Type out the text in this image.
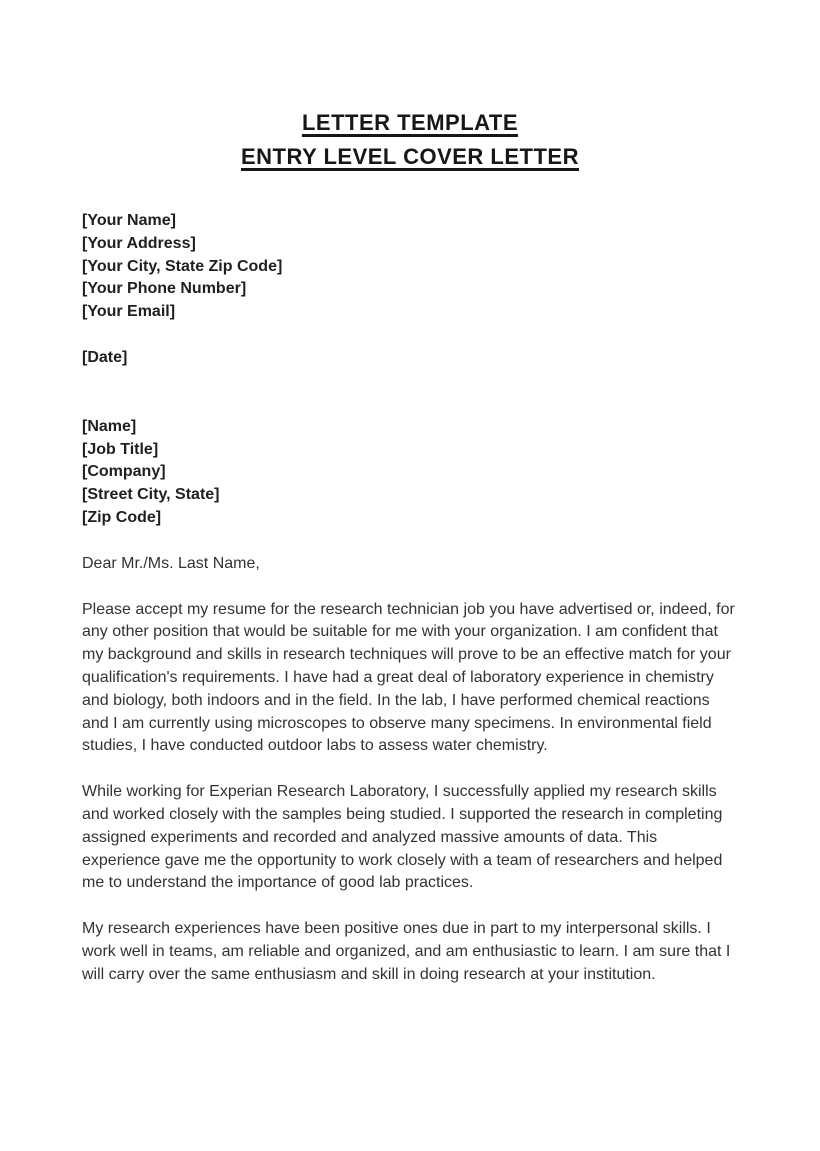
LETTER TEMPLATE
ENTRY LEVEL COVER LETTER

[Your Name]

[Your Address]

[Your City, State Zip Code]

[Your Phone Number]

[Your Email]

[Date]

[Name]

[Job Title]

[Company]

[Street City, State]

[Zip Code]

Dear Mr./Ms. Last Name,

Please accept my resume for the research technician job you have advertised or, indeed, for any other position that would be suitable for me with your organization. I am confident that my background and skills in research techniques will prove to be an effective match for your qualification's requirements. I have had a great deal of laboratory experience in chemistry and biology, both indoors and in the field. In the lab, I have performed chemical reactions and I am currently using microscopes to observe many specimens. In environmental field studies, I have conducted outdoor labs to assess water chemistry.

While working for Experian Research Laboratory, I successfully applied my research skills and worked closely with the samples being studied. I supported the research in completing assigned experiments and recorded and analyzed massive amounts of data. This experience gave me the opportunity to work closely with a team of researchers and helped me to understand the importance of good lab practices.

My research experiences have been positive ones due in part to my interpersonal skills. I work well in teams, am reliable and organized, and am enthusiastic to learn. I am sure that I will carry over the same enthusiasm and skill in doing research at your institution.
